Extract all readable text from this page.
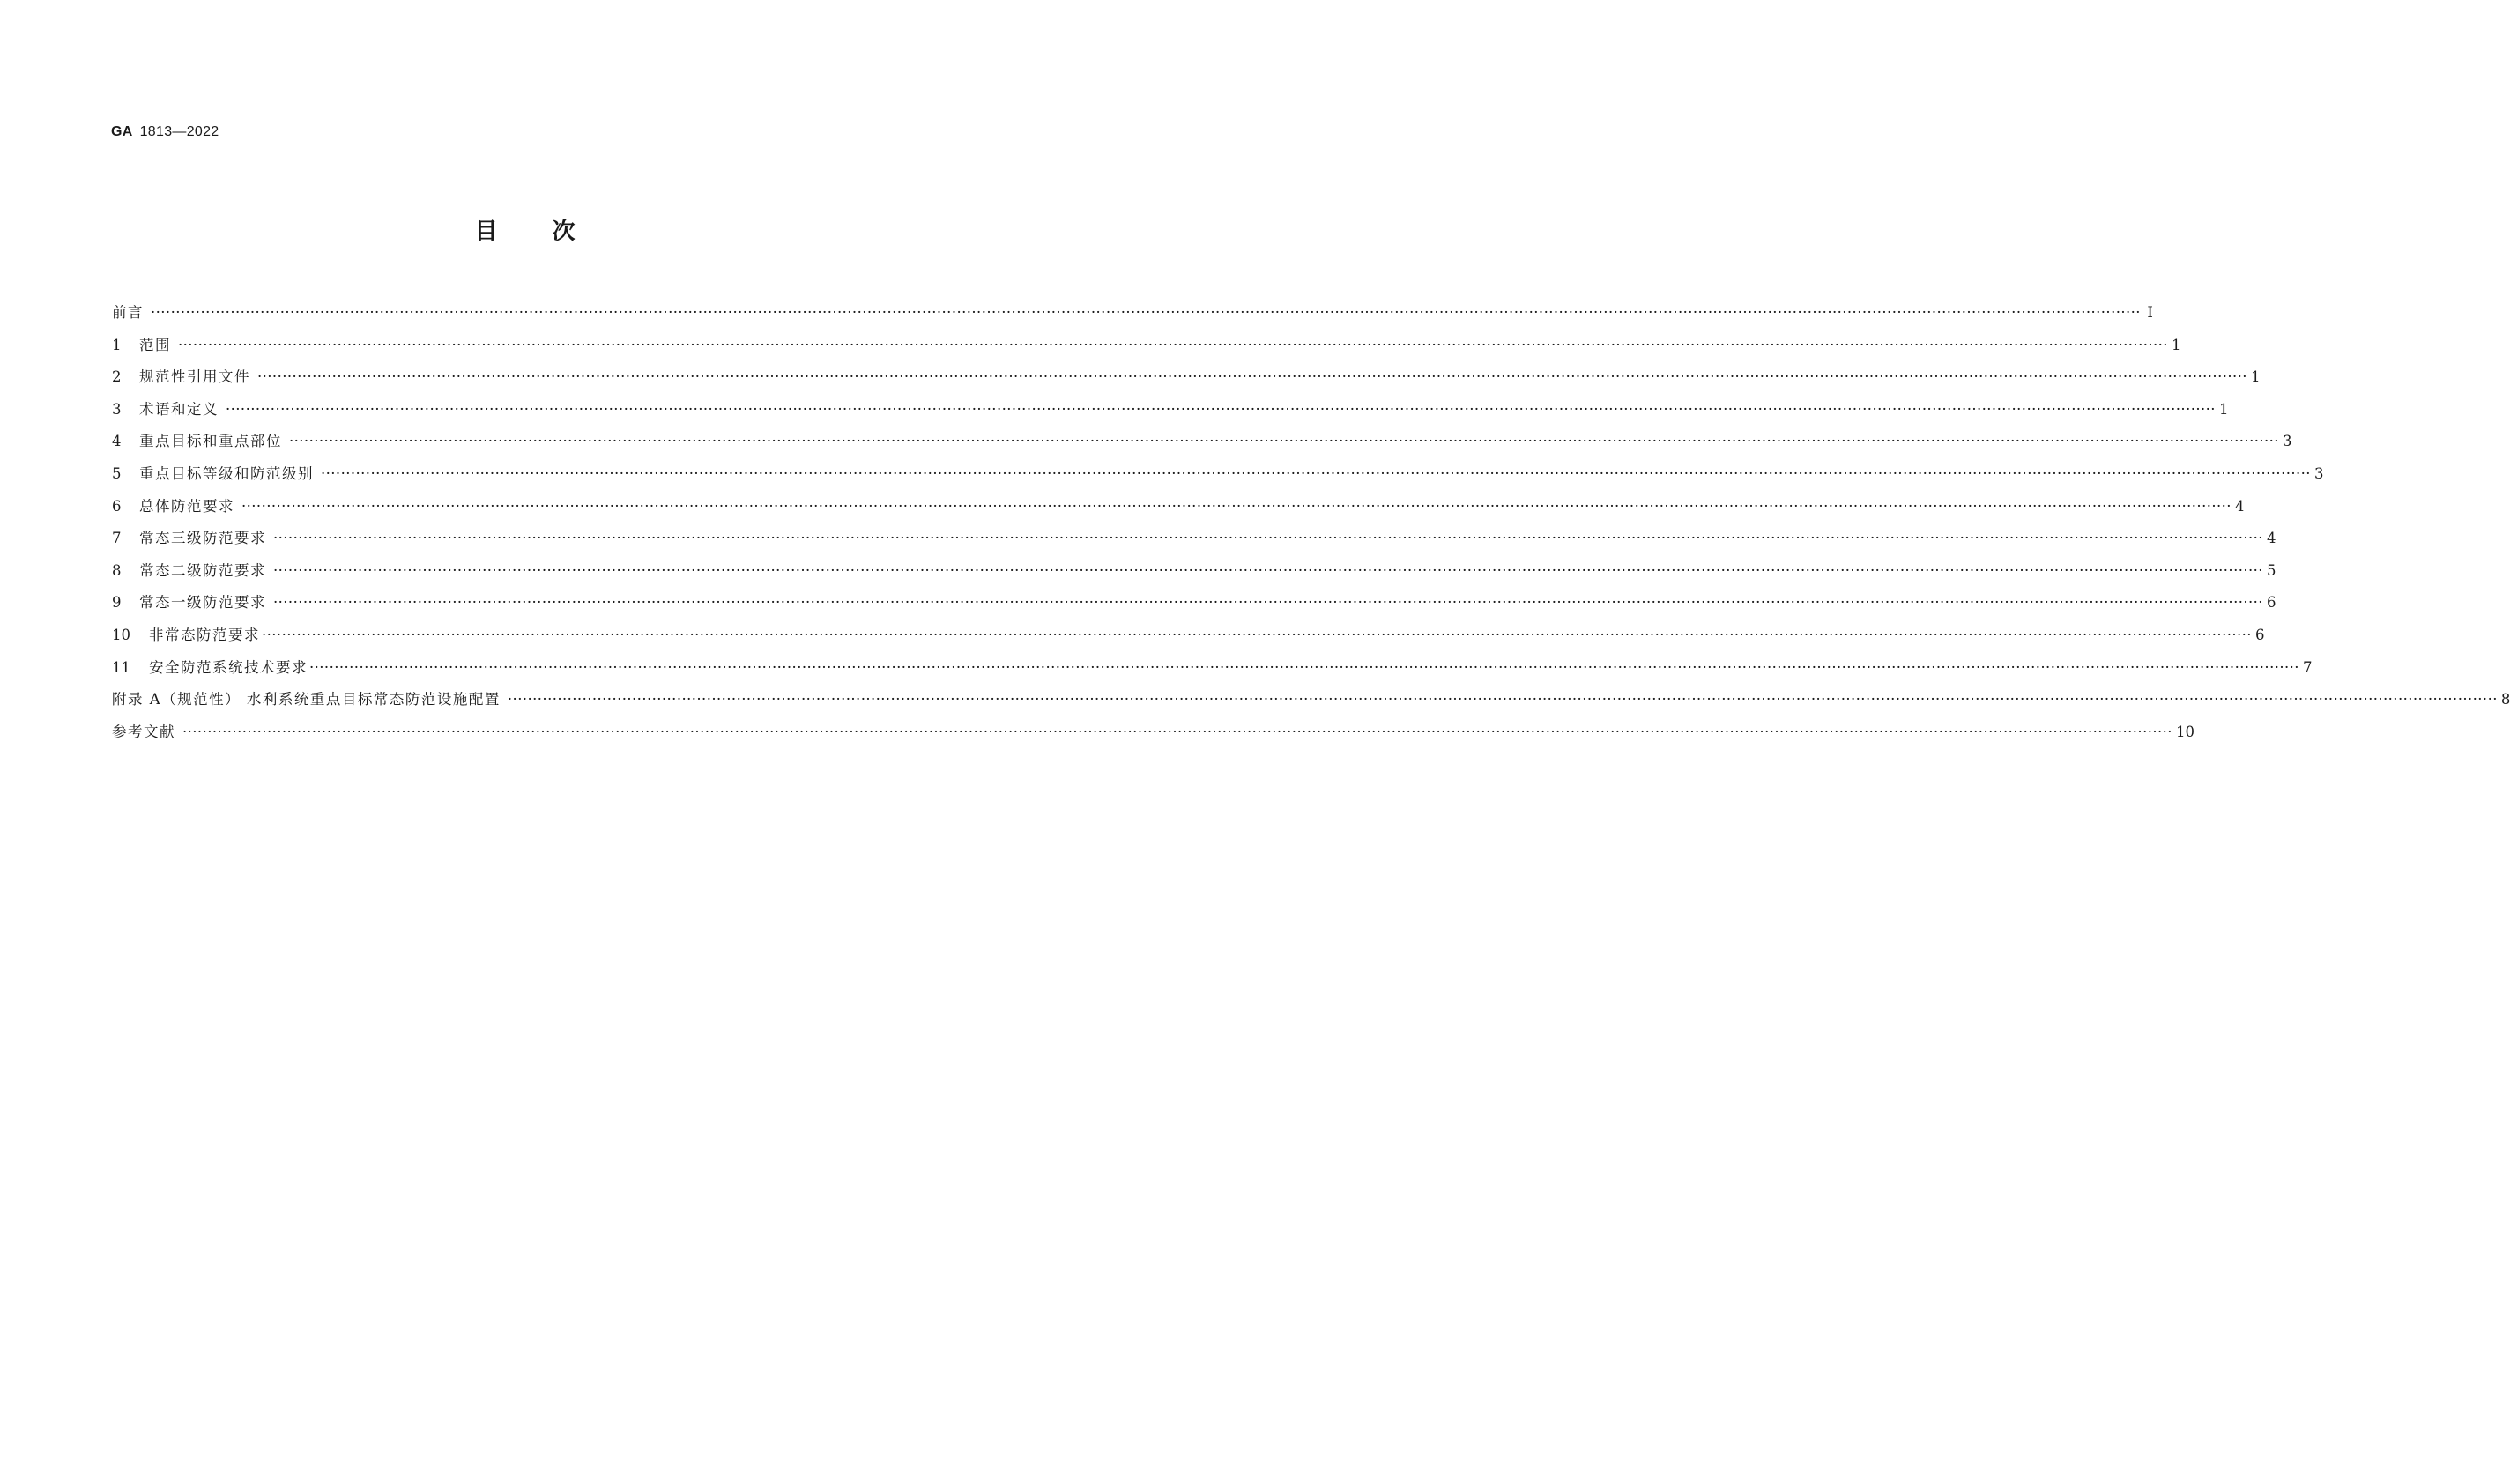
GA 1813—2022
目 次
前言 ················································································································································································································································································································································································································ Ⅰ
1	范围 ················································································································································································································································································································································································································ 1
2	规范性引用文件 ················································································································································································································································································································································································································ 1
3	术语和定义 ················································································································································································································································································································································································································ 1
4	重点目标和重点部位 ················································································································································································································································································································································································································ 3
5	重点目标等级和防范级别 ················································································································································································································································································································································································································ 3
6	总体防范要求 ················································································································································································································································································································································································································ 4
7	常态三级防范要求 ················································································································································································································································································································································································································ 4
8	常态二级防范要求 ················································································································································································································································································································································································································ 5
9	常态一级防范要求 ················································································································································································································································································································································································································ 6
10	非常态防范要求 ················································································································································································································································································································································································································ 6
11	安全防范系统技术要求 ················································································································································································································································································································································································································ 7
附录 A（规范性） 水利系统重点目标常态防范设施配置 ················································································································································································································································································································································································································ 8
参考文献 ················································································································································································································································································································································································································ 10
